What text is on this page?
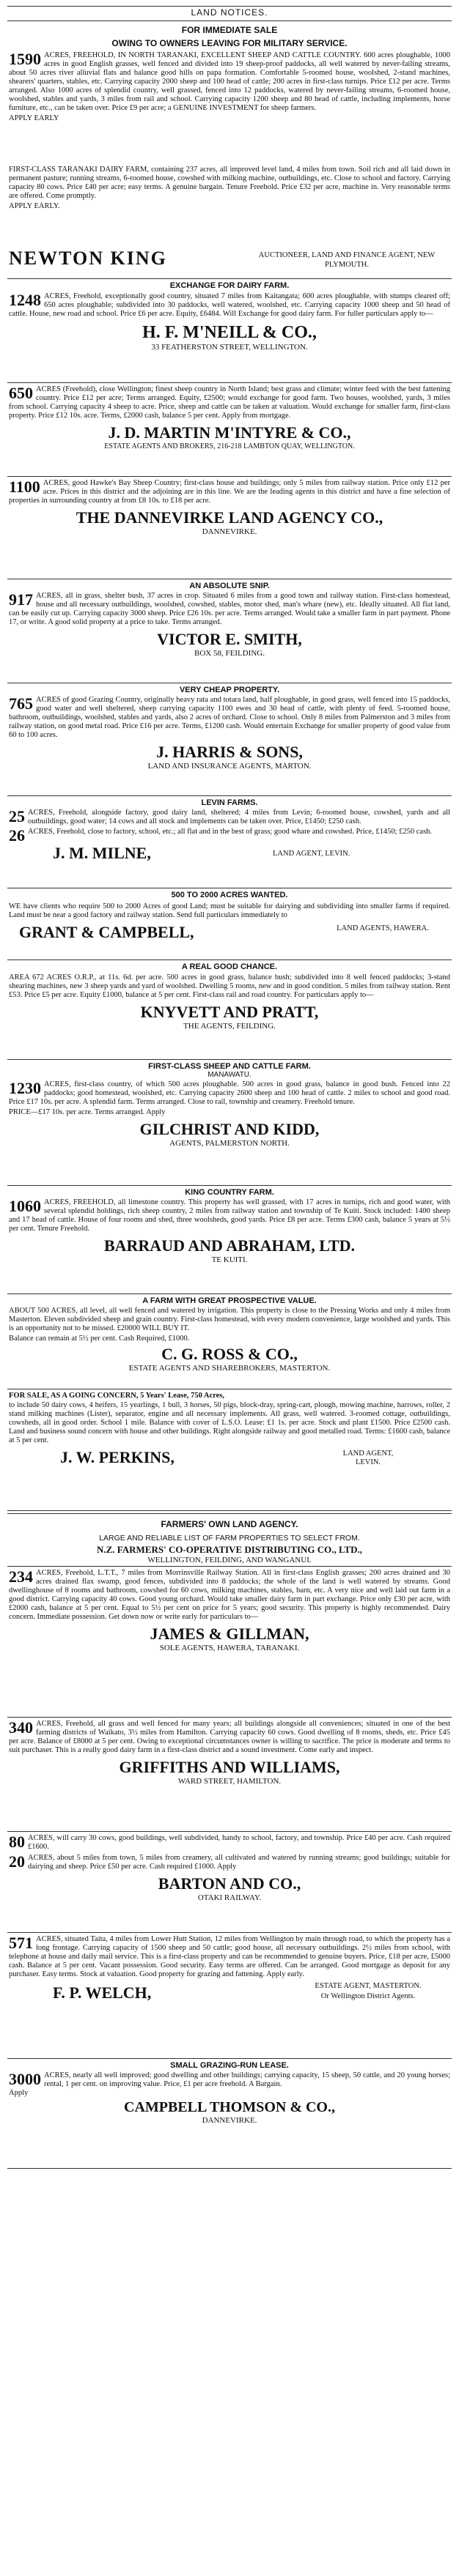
LAND NOTICES.
FOR IMMEDIATE SALE
OWING TO OWNERS LEAVING FOR MILITARY SERVICE.
1590 ACRES, FREEHOLD, IN NORTH TARANAKI, EXCELLENT SHEEP AND CATTLE COUNTRY. 600 acres ploughable, 1000 acres in good English grasses, well fenced and divided into 19 sheep-proof paddocks, all well watered by never-failing streams, about 50 acres river alluvial flats and balance good hills on papa formation. Comfortable 5-roomed house, woolshed, 2-stand machines, shearers' quarters, stables, etc. Carrying capacity 2000 sheep and 100 head of cattle; 200 acres in first-class turnips. Price £12 per acre. Terms arranged. Also 1000 acres of splendid country, well grassed, fenced into 12 paddocks, watered by never-failing streams, 6-roomed house, woolshed, stables and yards, 3 miles from rail and school. Carrying capacity 1200 sheep and 80 head of cattle, including implements, horse furniture, etc., can be taken over. Price £9 per acre; a GENUINE INVESTMENT for sheep farmers.
APPLY EARLY
FIRST-CLASS TARANAKI DAIRY FARM, containing 237 acres, all improved level land, 4 miles from town. Soil rich and all laid down in permanent pasture; running streams, 6-roomed house, cowshed with milking machine, outbuildings, etc. Close to school and factory. Carrying capacity 80 cows. Price £40 per acre; easy terms. A genuine bargain. Tenure Freehold. Price £32 per acre, machine in. Very reasonable terms are offered. Come promptly.
APPLY EARLY.
NEWTON KING	AUCTIONEER, LAND AND FINANCE AGENT, NEW PLYMOUTH.
EXCHANGE FOR DAIRY FARM.
1248 ACRES, Freehold, exceptionally good country, situated 7 miles from Kaitangata; 600 acres ploughable, with stumps cleared off; 650 acres ploughable; subdivided into 30 paddocks, well watered, woolshed, etc. Carrying capacity 1000 sheep and 50 head of cattle. House, new road and school. Price £6 per acre. Equity, £6484. Will Exchange for good dairy farm. For fuller particulars apply to—
H. F. M'NEILL & CO.,
33 FEATHERSTON STREET, WELLINGTON.
650 ACRES (Freehold), close Wellington; finest sheep country in North Island; best grass and climate; winter feed with the best fattening country. Price £12 per acre; Terms arranged. Equity, £2500; would exchange for good farm. Two houses, woolshed, yards, 3 miles from school. Carrying capacity 4 sheep to acre. Price, sheep and cattle can be taken at valuation. Would exchange for smaller farm, first-class property. Price £12 10s. acre. Terms, £2000 cash, balance 5 per cent. Apply from mortgage.
J. D. MARTIN M'INTYRE & CO.,
ESTATE AGENTS AND BROKERS, 216-218 LAMBTON QUAY, WELLINGTON.
1100 ACRES, good Hawke's Bay Sheep Country; first-class house and buildings; only 5 miles from railway station. Price only £12 per acre. Prices in this district and the adjoining are in this line. We are the leading agents in this district and have a fine selection of properties in surrounding country at from £8 10s. to £18 per acre.
THE DANNEVIRKE LAND AGENCY CO.,
DANNEVIRKE.
AN ABSOLUTE SNIP.
917 ACRES, all in grass, shelter bush, 37 acres in crop. Situated 6 miles from a good town and railway station. First-class homestead, house and all necessary outbuildings, woolshed, cowshed, stables, motor shed, man's whare (new), etc. Ideally situated. All flat land, can be easily cut up. Carrying capacity 3000 sheep. Price £26 10s. per acre. Terms arranged. Would take a smaller farm in part payment. Phone 17, or write. A good solid property at a price to take. Terms arranged.
VICTOR E. SMITH,
BOX 58, FEILDING.
VERY CHEAP PROPERTY.
765 ACRES of good Grazing Country, originally heavy rata and totara land, half ploughable, in good grass, well fenced into 15 paddocks, good water and well sheltered, sheep carrying capacity 1100 ewes and 30 head of cattle, with plenty of feed. 5-roomed house, bathroom, outbuildings, woolshed, stables and yards, also 2 acres of orchard. Close to school. Only 8 miles from Palmerston and 3 miles from railway station, on good metal road. Price £16 per acre. Terms, £1200 cash. Would entertain Exchange for smaller property of good value from 60 to 100 acres.
J. HARRIS & SONS,
LAND AND INSURANCE AGENTS, MARTON.
LEVIN FARMS.
25 ACRES, Freehold, alongside factory, good dairy land, sheltered; 4 miles from Levin; 6-roomed house, cowshed, yards and all outbuildings, good water; 14 cows and all stock and implements can be taken over. Price, £1450; £250 cash.
26 ACRES, Freehold, close to factory, school, etc.; all flat and in the best of grass; good whare and cowshed. Price, £1450; £250 cash.
J. M. MILNE,	LAND AGENT, LEVIN.
500 TO 2000 ACRES WANTED.
WE have clients who require 500 to 2000 Acres of good Land; must be suitable for dairying and subdividing into smaller farms if required. Land must be near a good factory and railway station. Send full particulars immediately to
GRANT & CAMPBELL,	LAND AGENTS, HAWERA.
A REAL GOOD CHANCE.
AREA 672 ACRES O.R.P., at 11s. 6d. per acre. 500 acres in good grass, balance bush; subdivided into 8 well fenced paddocks; 3-stand shearing machines, new 3 sheep yards and yard of woolshed. Dwelling 5 rooms, new and in good condition. 5 miles from railway station. Rent £53. Price £5 per acre. Equity £1000, balance at 5 per cent. First-class rail and road country. For particulars apply to—
KNYVETT AND PRATT,
THE AGENTS, FEILDING.
FIRST-CLASS SHEEP AND CATTLE FARM.
MANAWATU.
1230 ACRES, first-class country, of which 500 acres ploughable. 500 acres in good grass, balance in good bush. Fenced into 22 paddocks; good homestead, woolshed, etc. Carrying capacity 2600 sheep and 100 head of cattle. 2 miles to school and good road. Price £17 10s. per acre. A splendid farm. Terms arranged. Close to rail, township and creamery. Freehold tenure.
PRICE—£17 10s. per acre. Terms arranged. Apply
GILCHRIST AND KIDD,
AGENTS, PALMERSTON NORTH.
KING COUNTRY FARM.
1060 ACRES, FREEHOLD, all limestone country. This property has well grassed, with 17 acres in turnips, rich and good water, with several splendid holdings, rich sheep country, 2 miles from railway station and township of Te Kuiti. Stock included: 1400 sheep and 17 head of cattle. House of four rooms and shed, three woolsheds, good yards. Price £8 per acre. Terms £300 cash, balance 5 years at 5½ per cent. Tenure Freehold.
BARRAUD AND ABRAHAM, LTD.
TE KUITI.
A FARM WITH GREAT PROSPECTIVE VALUE.
ABOUT 500 ACRES, all level, all well fenced and watered by irrigation. This property is close to the Pressing Works and only 4 miles from Masterton. Eleven subdivided sheep and grain country. First-class homestead, with every modern convenience, large woolshed and yards. This is an opportunity not to be missed. £20000 WILL BUY IT.
Balance can remain at 5½ per cent. Cash Required, £1000.
C. G. ROSS & CO.,
ESTATE AGENTS AND SHAREBROKERS, MASTERTON.
FOR SALE, AS A GOING CONCERN, 5 Years' Lease, 750 Acres,
to include 50 dairy cows, 4 heifers, 15 yearlings, 1 bull, 3 horses, 50 pigs, block-dray, spring-cart, plough, mowing machine, harrows, roller, 2 stand milking machines (Lister), separator, engine and all necessary implements. All grass, well watered. 3-roomed cottage, outbuildings, cowsheds, all in good order. School 1 mile. Balance with cover of L.S.O. Lease: £1 1s. per acre. Stock and plant £1500. Price £2500 cash. Land and business sound concern with house and other buildings. Right alongside railway and good metalled road. Terms: £1600 cash, balance at 5 per cent.
J. W. PERKINS,	LAND AGENT, LEVIN.
FARMERS' OWN LAND AGENCY.
LARGE AND RELIABLE LIST OF FARM PROPERTIES TO SELECT FROM.
N.Z. FARMERS' CO-OPERATIVE DISTRIBUTING CO., LTD.,
WELLINGTON, FEILDING, AND WANGANUI.
234 ACRES, Freehold, L.T.T., 7 miles from Morrinsville Railway Station. All in first-class English grasses; 200 acres drained and 30 acres drained flax swamp, good fences, subdivided into 8 paddocks; the whole of the land is well watered by streams. Good dwellinghouse of 8 rooms and bathroom, cowshed for 60 cows, milking machines, stables, barn, etc. A very nice and well laid out farm in a good district. Carrying capacity 40 cows. Good young orchard. Would take smaller dairy farm in part exchange. Price only £30 per acre, with £2000 cash, balance at 5 per cent. Equal to 5½ per cent on price for 5 years; good security. This property is highly recommended. Dairy concern. Immediate possession. Get down now or write early for particulars to—
JAMES & GILLMAN,
SOLE AGENTS, HAWERA, TARANAKI.
340 ACRES, Freehold, all grass and well fenced for many years; all buildings alongside all conveniences; situated in one of the best farming districts of Waikato, 3½ miles from Hamilton. Carrying capacity 60 cows. Good dwelling of 8 rooms, sheds, etc. Price £45 per acre. Balance of £8000 at 5 per cent. Owing to exceptional circumstances owner is willing to sacrifice. The price is moderate and terms to suit purchaser. This is a really good dairy farm in a first-class district and a sound investment. Come early and inspect.
GRIFFITHS AND WILLIAMS,
WARD STREET, HAMILTON.
80 ACRES, will carry 30 cows, good buildings, well subdivided, handy to school, factory, and township. Price £40 per acre. Cash required £1600.
20 ACRES, about 5 miles from town, 5 miles from creamery, all cultivated and watered by running streams; good buildings; suitable for dairying and sheep. Price £50 per acre. Cash required £1000. Apply
BARTON AND CO.,
OTAKI RAILWAY.
571 ACRES, situated Taita, 4 miles from Lower Hutt Station, 12 miles from Wellington by main through road, to which the property has a long frontage. Carrying capacity of 1500 sheep and 50 cattle; good house, all necessary outbuildings. 2½ miles from school, with telephone at house and daily mail service. This is a first-class property and can be recommended to genuine buyers. Price, £18 per acre, £5000 cash. Balance at 5 per cent. Vacant possession. Good security. Easy terms are offered. Can be arranged. Good mortgage as deposit for any purchaser. Easy terms. Stock at valuation. Good property for grazing and fattening. Apply early.
F. P. WELCH,	ESTATE AGENT, MASTERTON.
Or Wellington District Agents.
SMALL GRAZING-RUN LEASE.
3000 ACRES, nearly all well improved; good dwelling and other buildings; carrying capacity, 15 sheep, 50 cattle, and 20 young horses; rental, 1 per cent. on improving value. Price, £1 per acre freehold. A Bargain.
Apply
CAMPBELL THOMSON & CO.,
DANNEVIRKE.
